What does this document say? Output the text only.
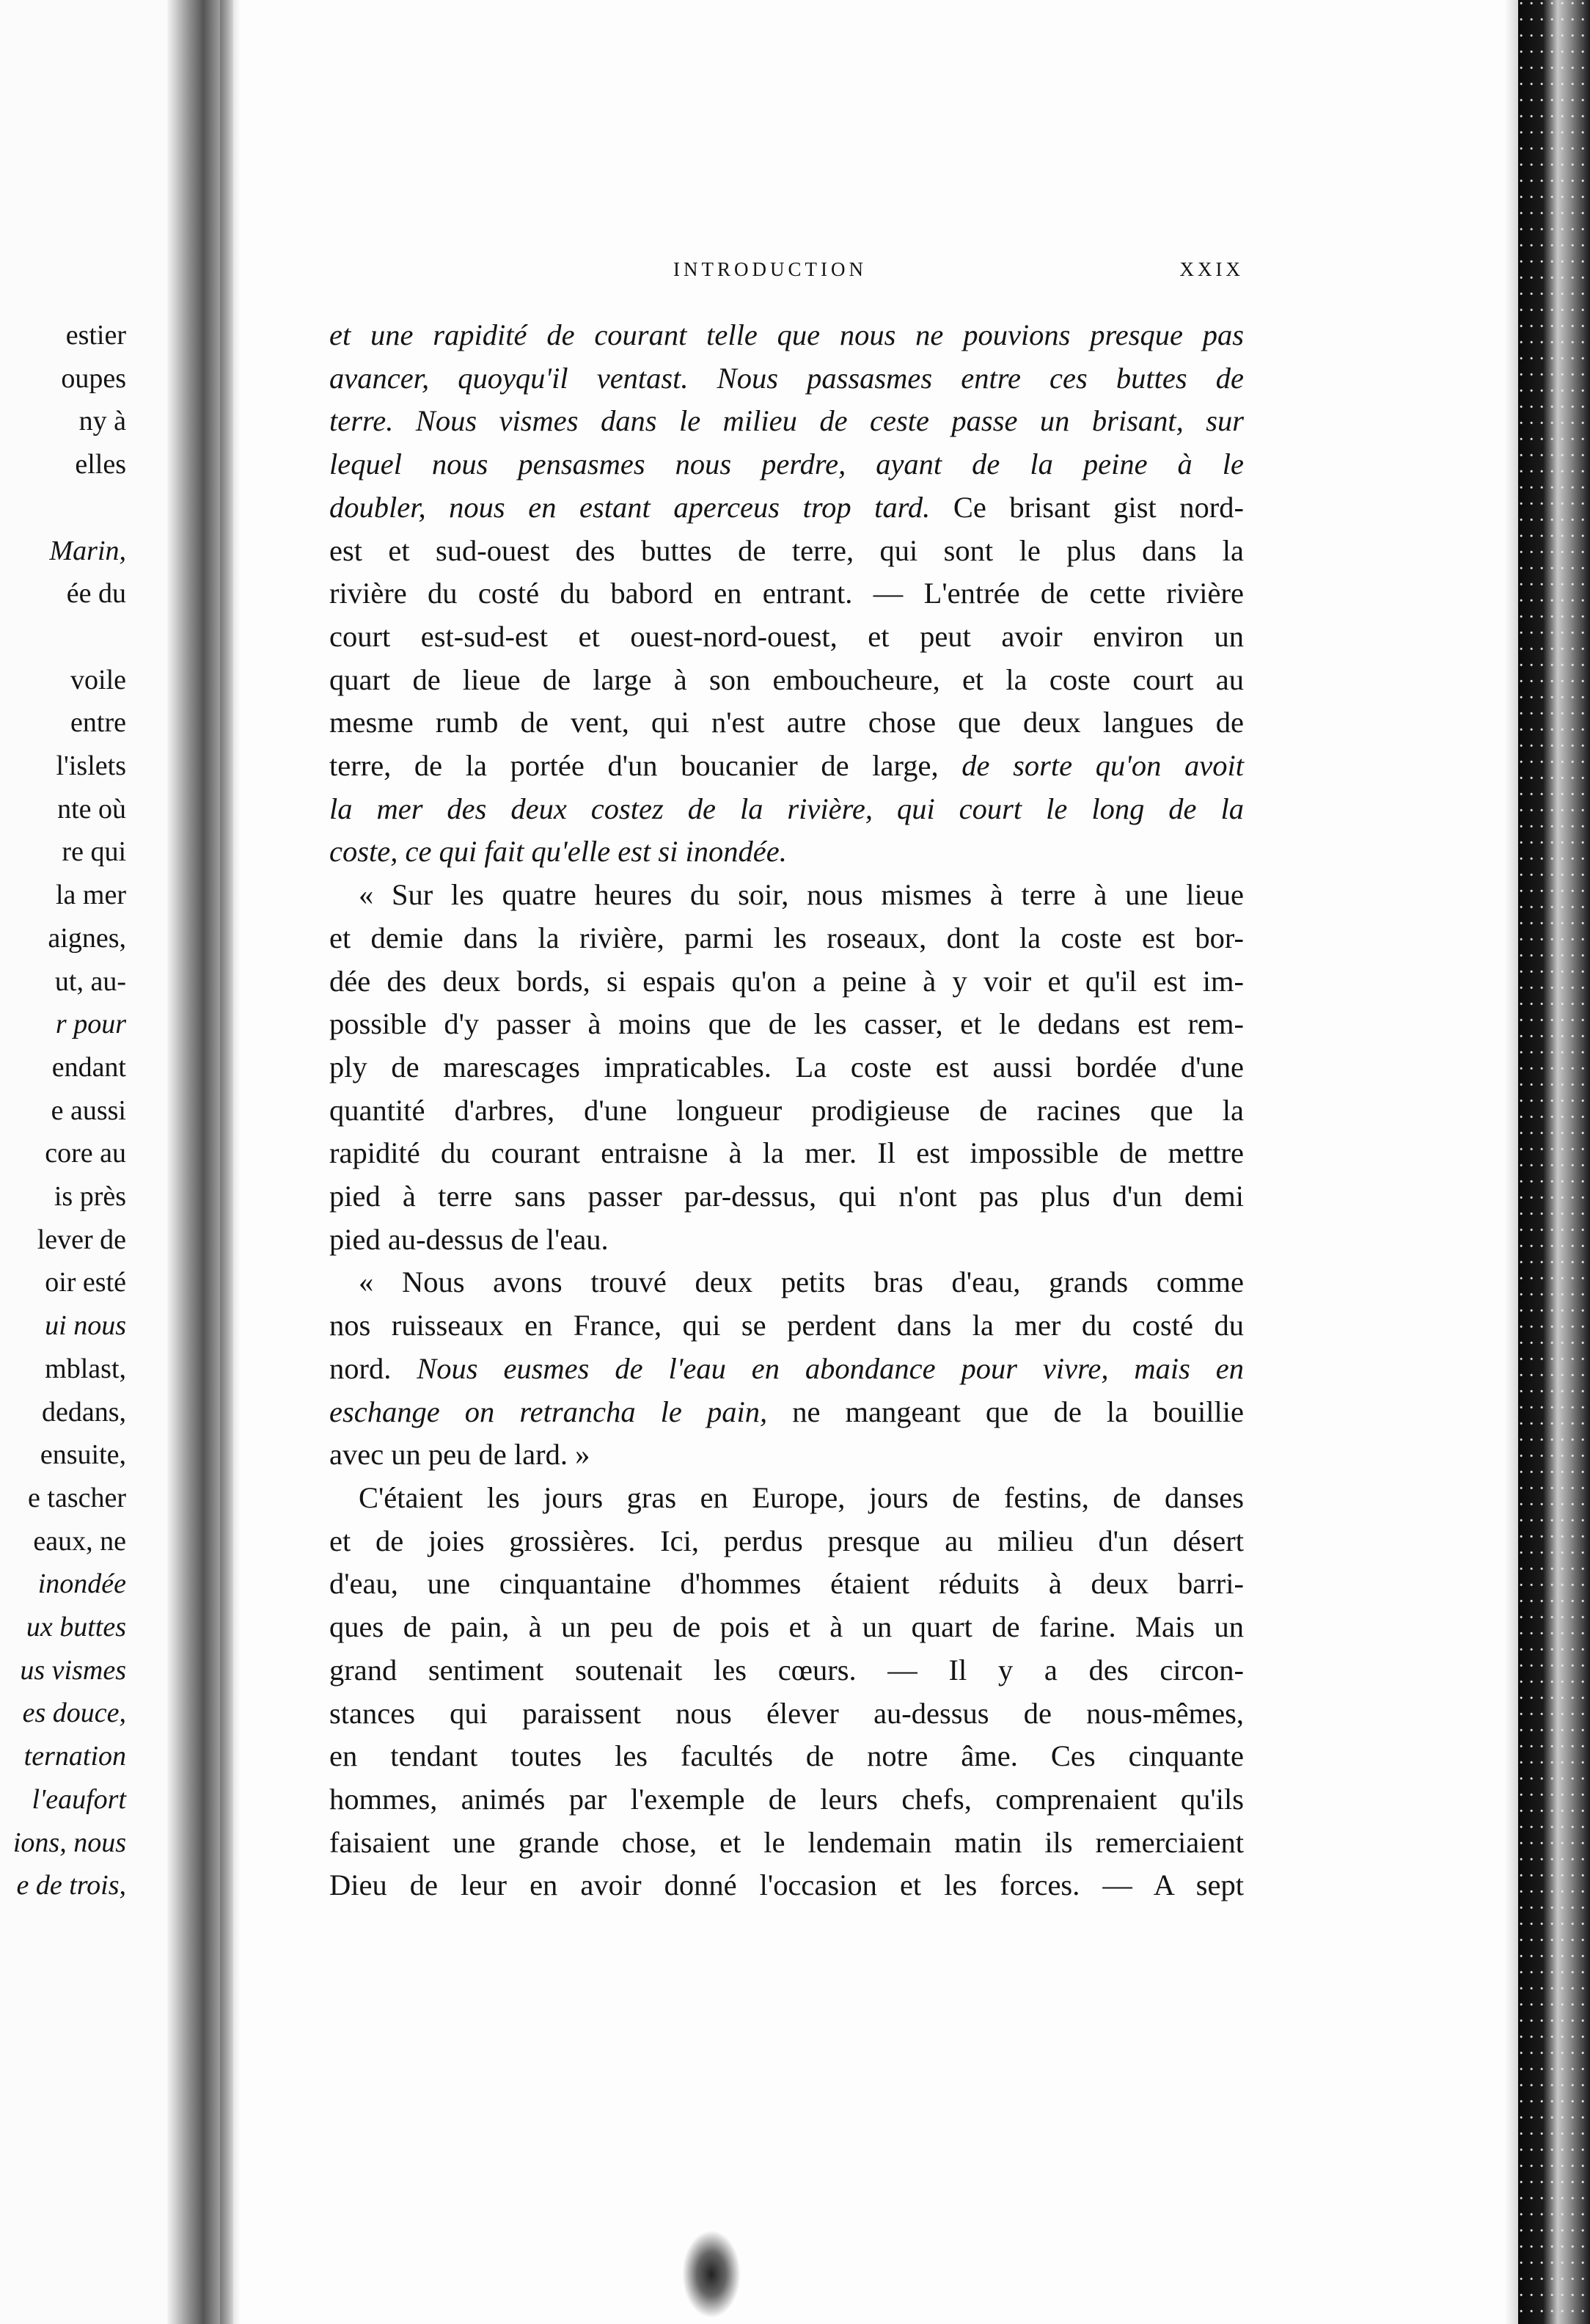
estier
oupes
ny à
elles
Marin,
ée du
voile
entre
l'islets
nte où
re qui
la mer
aignes,
ut, au-
r pour
endant
e aussi
core au
is près
lever de
oir esté
ui nous
mblast,
dedans,
ensuite,
e tascher
eaux, ne
inondée
ux buttes
us vismes
es douce,
ternation
l'eaufort
ions, nous
e de trois,
INTRODUCTION	XXIX

et une rapidité de courant telle que nous ne pouvions presque pas

avancer, quoyqu'il ventast. Nous passasmes entre ces buttes de

terre. Nous vismes dans le milieu de ceste passe un brisant, sur

lequel nous pensasmes nous perdre, ayant de la peine à le

doubler, nous en estant aperceus trop tard. Ce brisant gist nord-

est et sud-ouest des buttes de terre, qui sont le plus dans la

rivière du costé du babord en entrant. — L'entrée de cette rivière

court est-sud-est et ouest-nord-ouest, et peut avoir environ un

quart de lieue de large à son emboucheure, et la coste court au

mesme rumb de vent, qui n'est autre chose que deux langues de

terre, de la portée d'un boucanier de large, de sorte qu'on avoit

la mer des deux costez de la rivière, qui court le long de la

coste, ce qui fait qu'elle est si inondée.

« Sur les quatre heures du soir, nous mismes à terre à une lieue

et demie dans la rivière, parmi les roseaux, dont la coste est bor-

dée des deux bords, si espais qu'on a peine à y voir et qu'il est im-

possible d'y passer à moins que de les casser, et le dedans est rem-

ply de marescages impraticables. La coste est aussi bordée d'une

quantité d'arbres, d'une longueur prodigieuse de racines que la

rapidité du courant entraisne à la mer. Il est impossible de mettre

pied à terre sans passer par-dessus, qui n'ont pas plus d'un demi

pied au-dessus de l'eau.

« Nous avons trouvé deux petits bras d'eau, grands comme

nos ruisseaux en France, qui se perdent dans la mer du costé du

nord. Nous eusmes de l'eau en abondance pour vivre, mais en

eschange on retrancha le pain, ne mangeant que de la bouillie

avec un peu de lard. »

C'étaient les jours gras en Europe, jours de festins, de danses

et de joies grossières. Ici, perdus presque au milieu d'un désert

d'eau, une cinquantaine d'hommes étaient réduits à deux barri-

ques de pain, à un peu de pois et à un quart de farine. Mais un

grand sentiment soutenait les cœurs. — Il y a des circon-

stances qui paraissent nous élever au-dessus de nous-mêmes,

en tendant toutes les facultés de notre âme. Ces cinquante

hommes, animés par l'exemple de leurs chefs, comprenaient qu'ils

faisaient une grande chose, et le lendemain matin ils remerciaient

Dieu de leur en avoir donné l'occasion et les forces. — A sept
